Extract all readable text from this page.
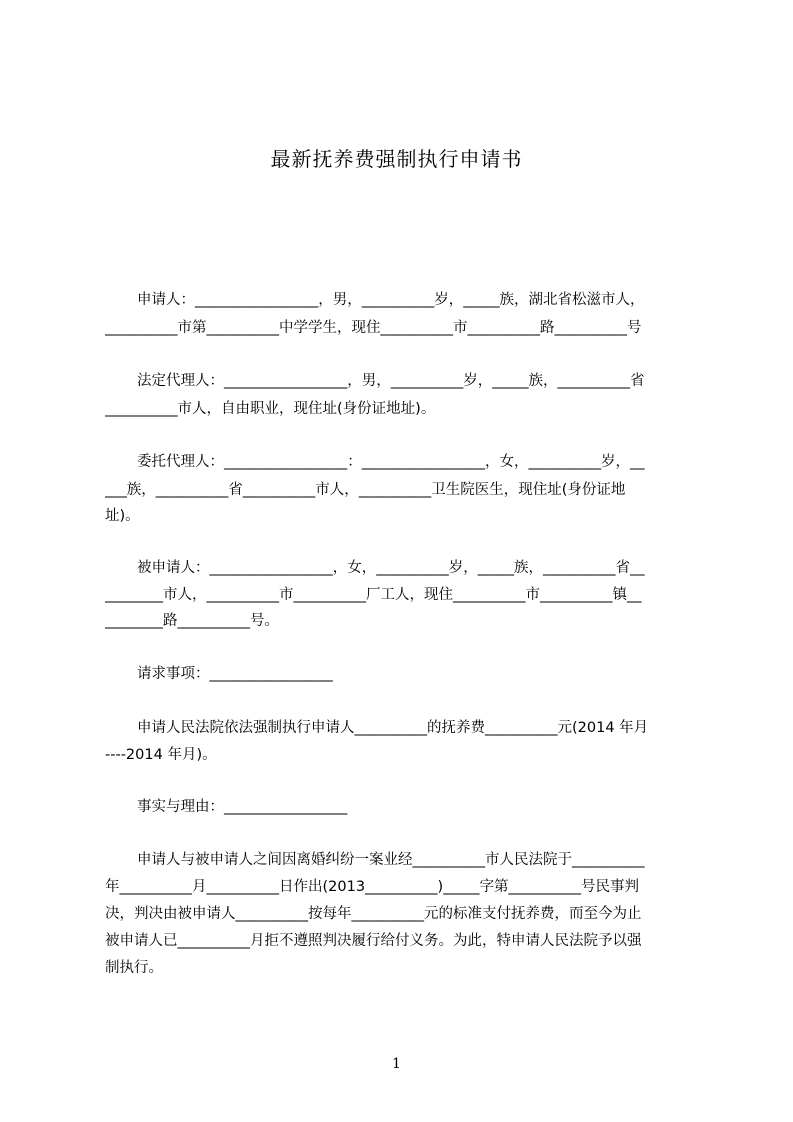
最新抚养费强制执行申请书
申请人：_________________，男，__________岁，_____族，湖北省松滋市人，
__________市第__________中学学生，现住__________市__________路__________号
法定代理人：_________________，男，__________岁，_____族，__________省
__________市人，自由职业，现住址(身份证地址)。
委托代理人：_________________：_________________，女，__________岁，__
___族，__________省__________市人，__________卫生院医生，现住址(身份证地
址)。
被申请人：_________________，女，__________岁，_____族，__________省__
________市人，__________市__________厂工人，现住__________市__________镇__
________路__________号。
请求事项：_________________
申请人民法院依法强制执行申请人__________的抚养费__________元(2014 年月
----2014 年月)。
事实与理由：_________________
申请人与被申请人之间因离婚纠纷一案业经__________市人民法院于__________
年__________月__________日作出(2013__________)_____字第__________号民事判
决，判决由被申请人__________按每年__________元的标准支付抚养费，而至今为止
被申请人已__________月拒不遵照判决履行给付义务。为此，特申请人民法院予以强
制执行。
1
